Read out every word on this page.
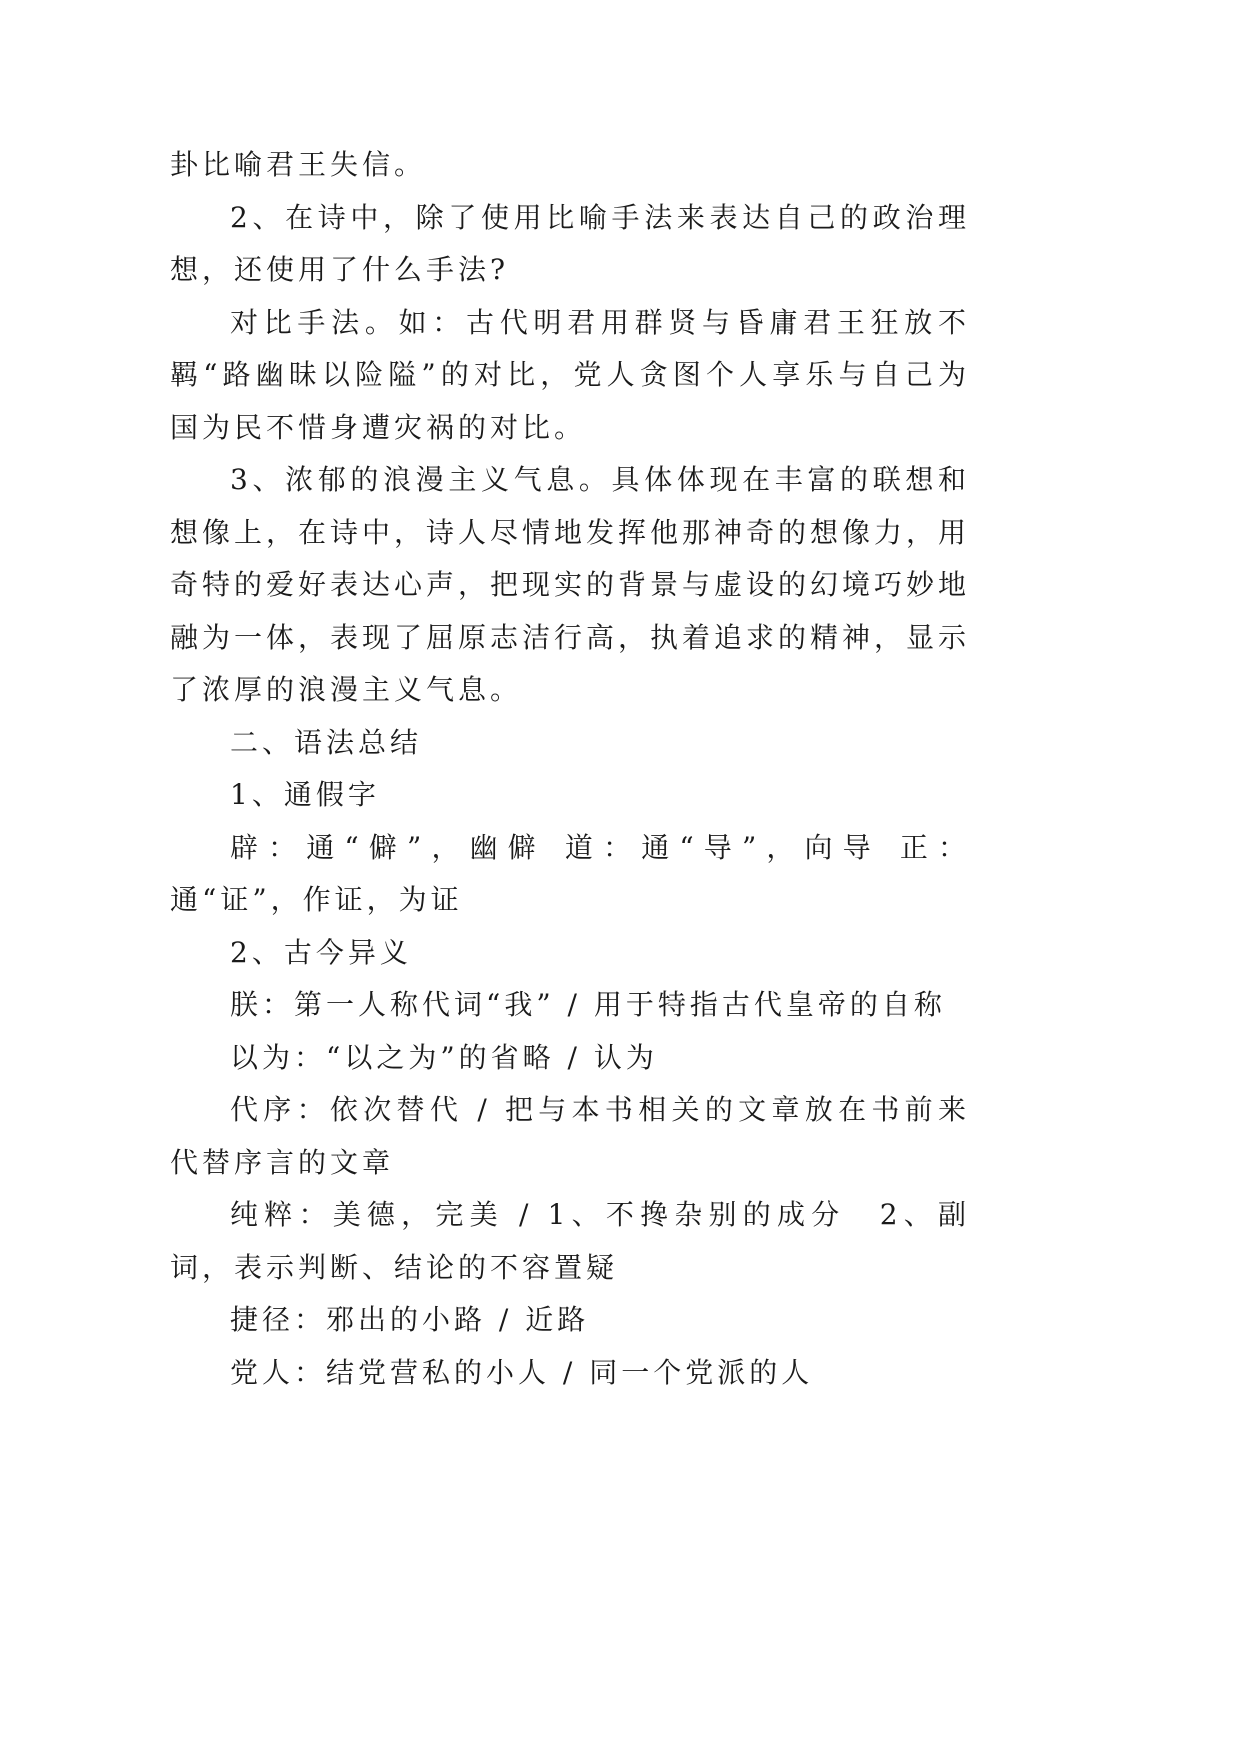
卦比喻君王失信。

2、在诗中，除了使用比喻手法来表达自己的政治理想，还使用了什么手法?

对比手法。如：古代明君用群贤与昏庸君王狂放不羁“路幽昧以险隘”的对比，党人贪图个人享乐与自己为国为民不惜身遭灾祸的对比。

3、浓郁的浪漫主义气息。具体体现在丰富的联想和想像上，在诗中，诗人尽情地发挥他那神奇的想像力，用奇特的爱好表达心声，把现实的背景与虚设的幻境巧妙地融为一体，表现了屈原志洁行高，执着追求的精神，显示了浓厚的浪漫主义气息。

二、语法总结

1、通假字

辟：通“僻”，幽僻 道：通“导”，向导 正：通“证”，作证，为证

2、古今异义

朕：第一人称代词“我” / 用于特指古代皇帝的自称

以为：“以之为”的省略 / 认为

代序：依次替代 / 把与本书相关的文章放在书前来代替序言的文章

纯粹：美德，完美 / 1、不搀杂别的成分　2、副词，表示判断、结论的不容置疑

捷径：邪出的小路 / 近路

党人：结党营私的小人 / 同一个党派的人
